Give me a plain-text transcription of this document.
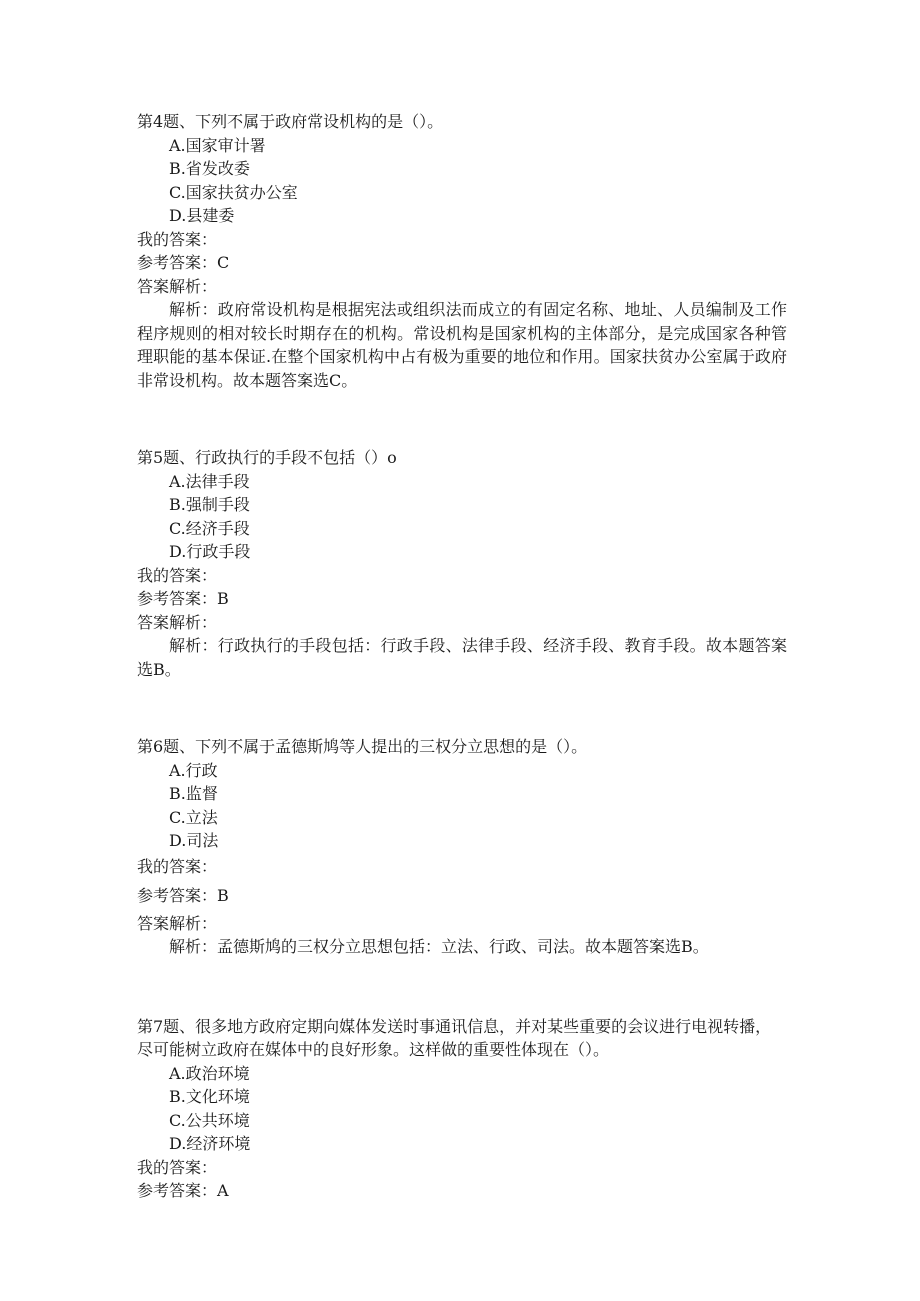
第4题、下列不属于政府常设机构的是（）。
A.国家审计署
B.省发改委
C.国家扶贫办公室
D.县建委
我的答案：
参考答案：C
答案解析：
解析：政府常设机构是根据宪法或组织法而成立的有固定名称、地址、人员编制及工作程序规则的相对较长时期存在的机构。常设机构是国家机构的主体部分，是完成国家各种管理职能的基本保证.在整个国家机构中占有极为重要的地位和作用。国家扶贫办公室属于政府非常设机构。故本题答案选C。
第5题、行政执行的手段不包括（）o
A.法律手段
B.强制手段
C.经济手段
D.行政手段
我的答案：
参考答案：B
答案解析：
解析：行政执行的手段包括：行政手段、法律手段、经济手段、教育手段。故本题答案选B。
第6题、下列不属于孟德斯鸠等人提出的三权分立思想的是（）。
A.行政
B.监督
C.立法
D.司法
我的答案：
参考答案：B
答案解析：
解析：孟德斯鸠的三权分立思想包括：立法、行政、司法。故本题答案选B。
第7题、很多地方政府定期向媒体发送时事通讯信息，并对某些重要的会议进行电视转播，尽可能树立政府在媒体中的良好形象。这样做的重要性体现在（）。
A.政治环境
B.文化环境
C.公共环境
D.经济环境
我的答案：
参考答案：A
